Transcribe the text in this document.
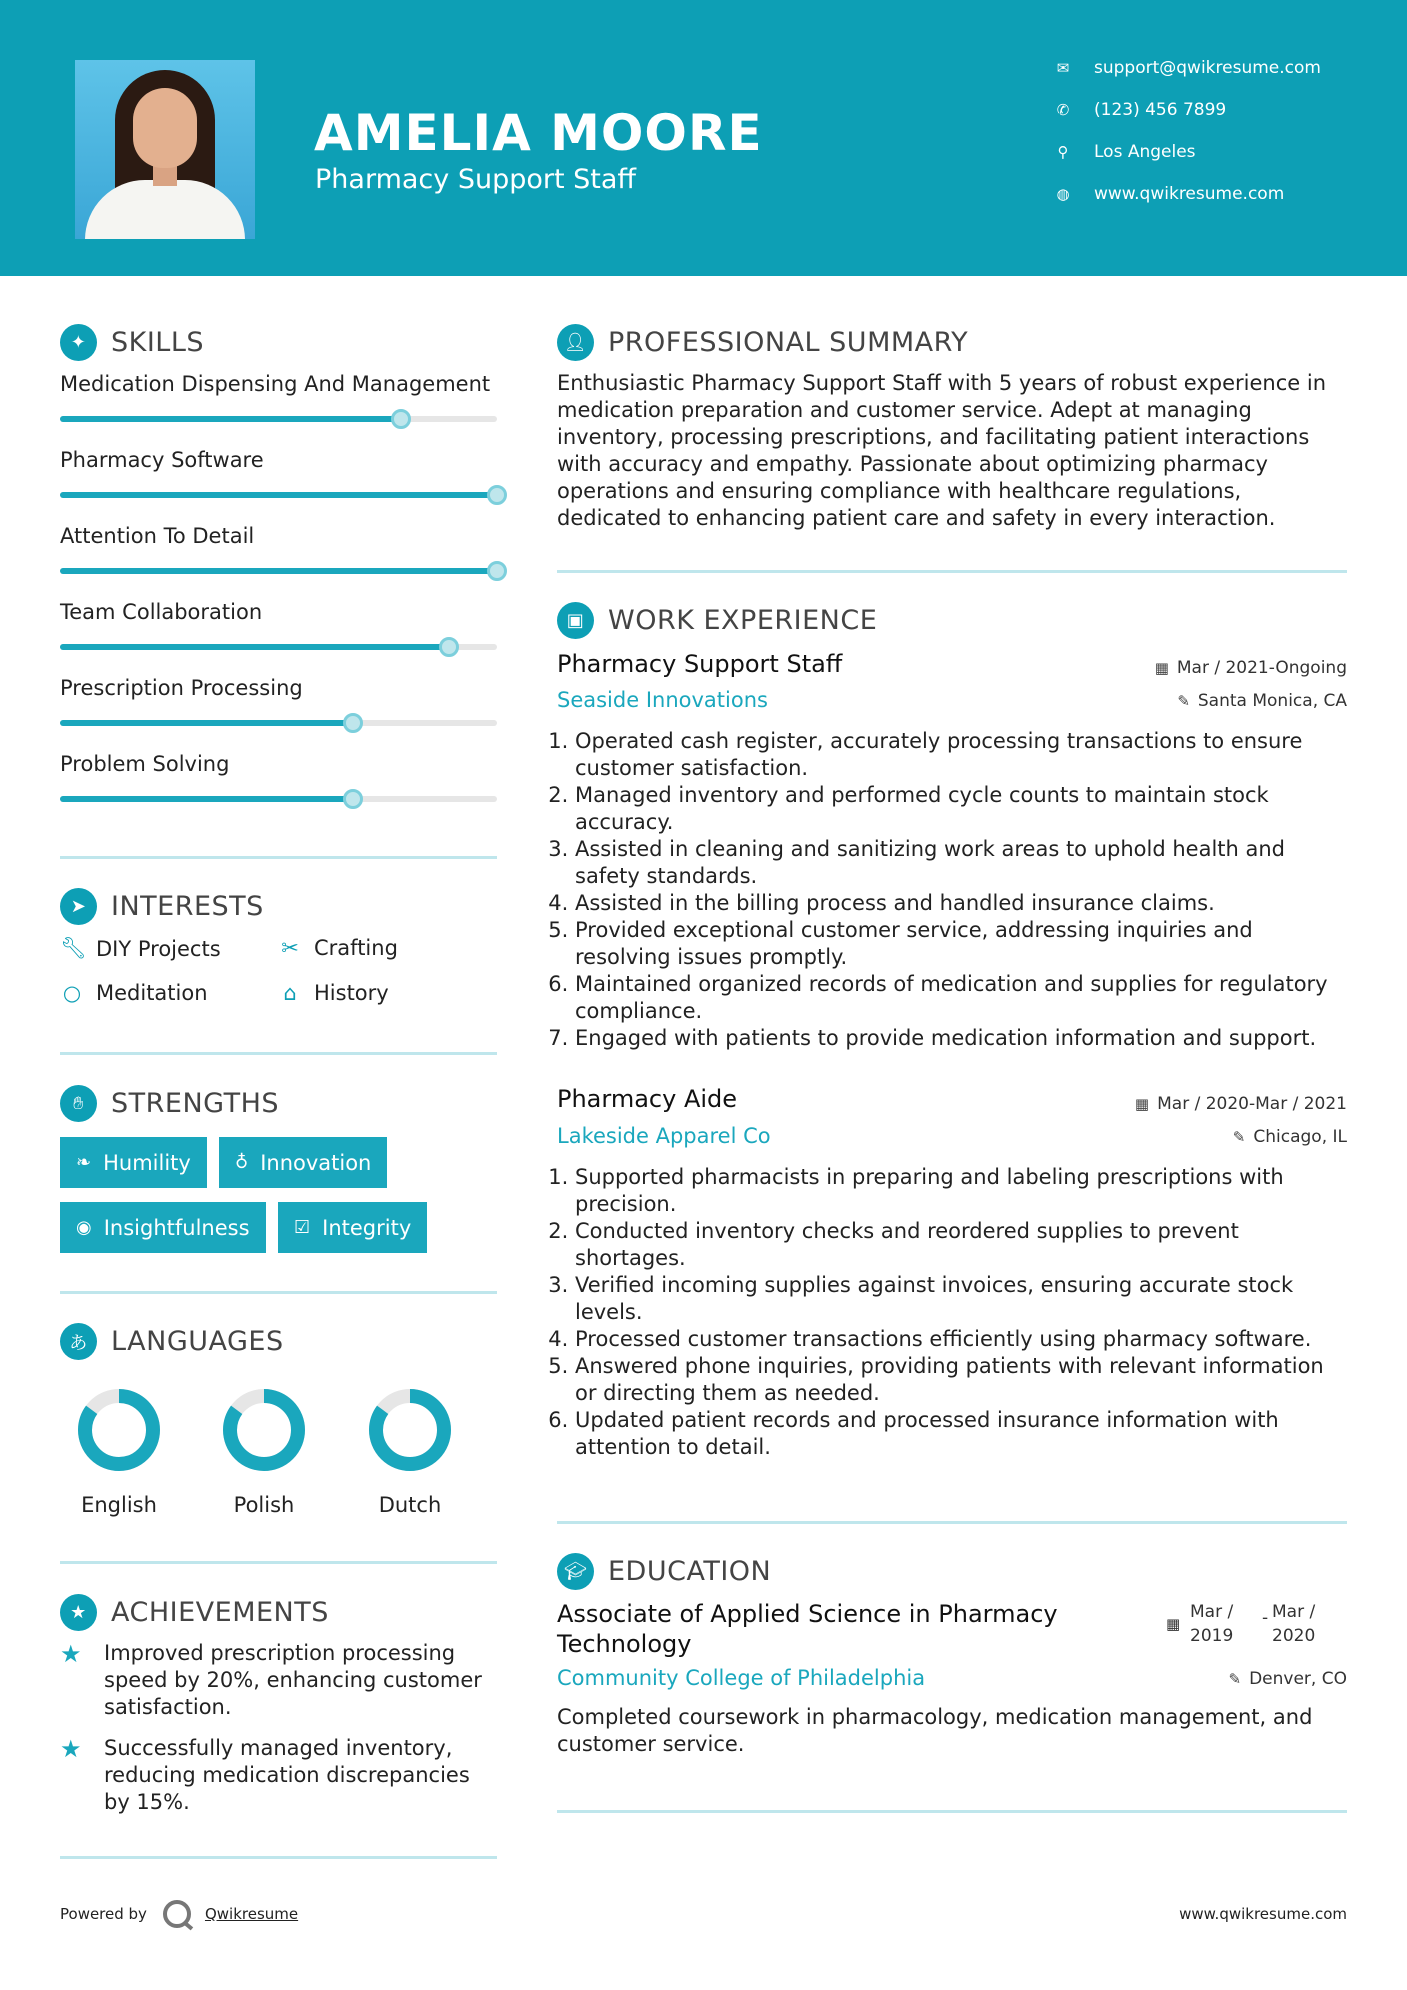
AMELIA MOORE
Pharmacy Support Staff
✉ support@qwikresume.com
✆ (123) 456 7899
⚲ Los Angeles
◍ www.qwikresume.com
✦ SKILLS
Medication Dispensing And Management
Pharmacy Software
Attention To Detail
Team Collaboration
Prescription Processing
Problem Solving
➤ INTERESTS
🔧︎ DIY Projects	✂ Crafting
○ Meditation	⌂ History
✋︎	STRENGTHS
❧ Humility ♁ Innovation
◉ Insightfulness ☑ Integrity
あ LANGUAGES
English	Polish	Dutch
★ ACHIEVEMENTS
★	Improved prescription processing speed by 20%, enhancing customer satisfaction.
★	Successfully managed inventory, reducing medication discrepancies by 15%.
👤︎ PROFESSIONAL SUMMARY
Enthusiastic Pharmacy Support Staff with 5 years of robust experience in medication preparation and customer service. Adept at managing inventory, processing prescriptions, and facilitating patient interactions with accuracy and empathy. Passionate about optimizing pharmacy operations and ensuring compliance with healthcare regulations, dedicated to enhancing patient care and safety in every interaction.
▣ WORK EXPERIENCE
Pharmacy Support Staff	▦ Mar / 2021-Ongoing
Seaside Innovations	✎ Santa Monica, CA
1. Operated cash register, accurately processing transactions to ensure customer satisfaction.
2. Managed inventory and performed cycle counts to maintain stock accuracy.
3. Assisted in cleaning and sanitizing work areas to uphold health and safety standards.
4. Assisted in the billing process and handled insurance claims.
5. Provided exceptional customer service, addressing inquiries and resolving issues promptly.
6. Maintained organized records of medication and supplies for regulatory compliance.
7. Engaged with patients to provide medication information and support.
Pharmacy Aide	▦ Mar / 2020-Mar / 2021
Lakeside Apparel Co	✎ Chicago, IL
1. Supported pharmacists in preparing and labeling prescriptions with precision.
2. Conducted inventory checks and reordered supplies to prevent shortages.
3. Verified incoming supplies against invoices, ensuring accurate stock levels.
4. Processed customer transactions efficiently using pharmacy software.
5. Answered phone inquiries, providing patients with relevant information or directing them as needed.
6. Updated patient records and processed insurance information with attention to detail.
🎓︎ EDUCATION
Associate of Applied Science in Pharmacy Technology
▦
Mar / 2019
- Mar / 2020
Community College of Philadelphia	✎ Denver, CO
Completed coursework in pharmacology, medication management, and customer service.
Powered by	Qwikresume	www.qwikresume.com
